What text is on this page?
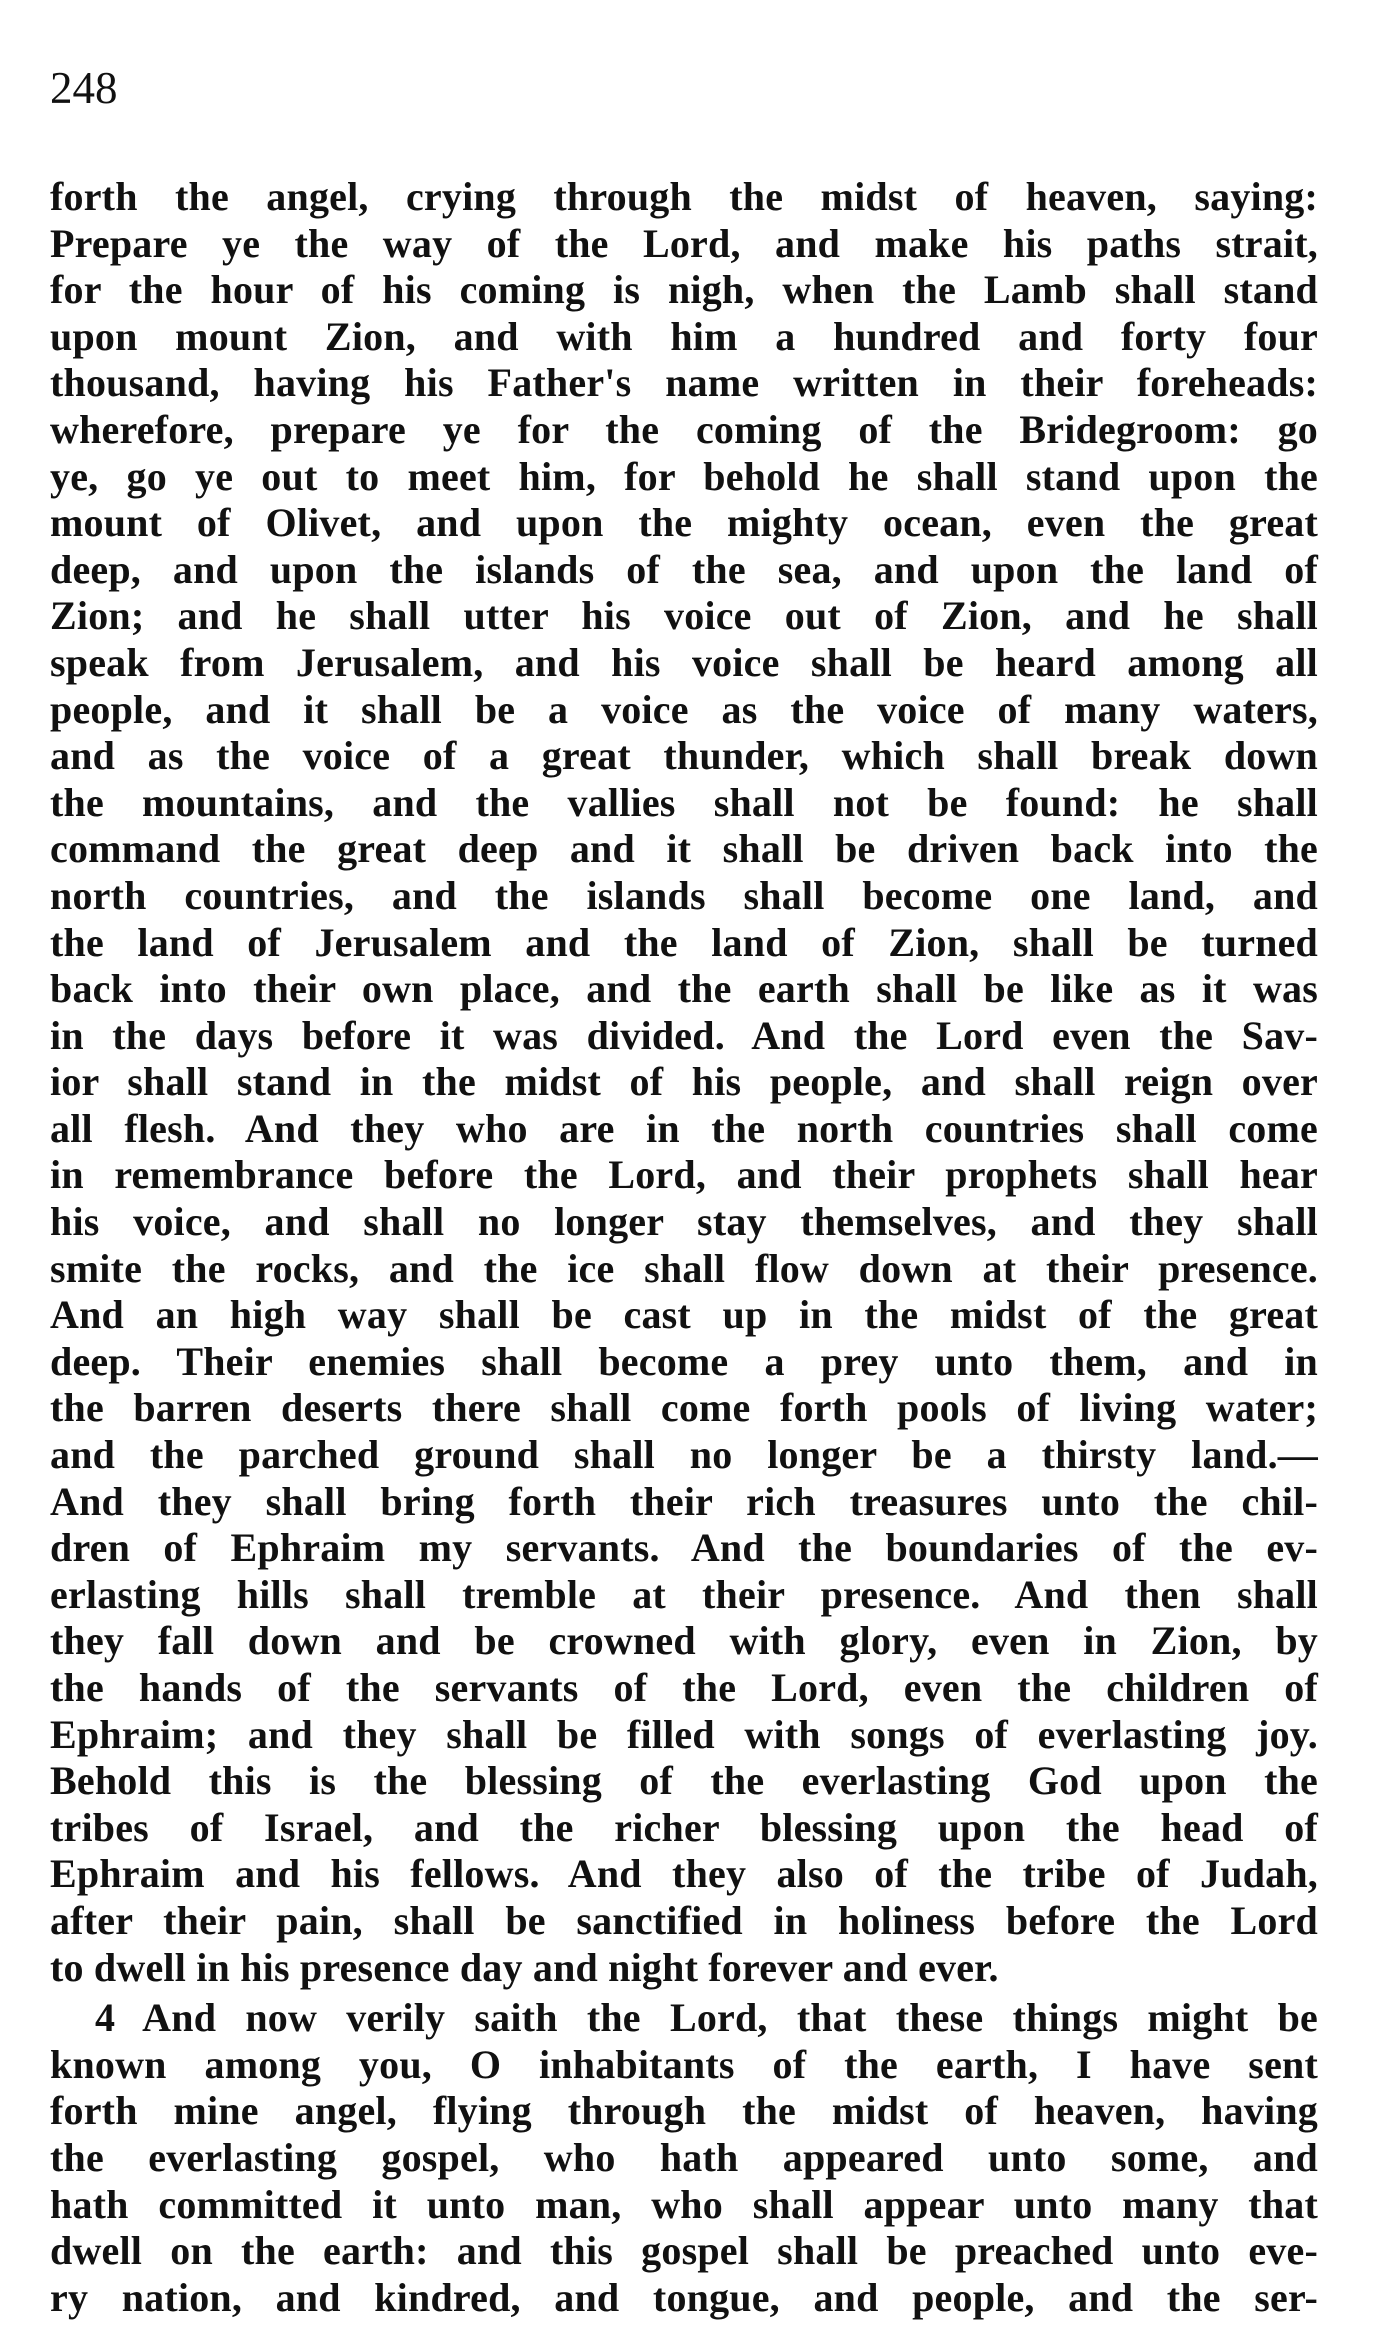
248
forth the angel, crying through the midst of heaven, saying:
Prepare ye the way of the Lord, and make his paths strait,
for the hour of his coming is nigh, when the Lamb shall stand
upon mount Zion, and with him a hundred and forty four
thousand, having his Father's name written in their foreheads:
wherefore, prepare ye for the coming of the Bridegroom: go
ye, go ye out to meet him, for behold he shall stand upon the
mount of Olivet, and upon the mighty ocean, even the great
deep, and upon the islands of the sea, and upon the land of
Zion; and he shall utter his voice out of Zion, and he shall
speak from Jerusalem, and his voice shall be heard among all
people, and it shall be a voice as the voice of many waters,
and as the voice of a great thunder, which shall break down
the mountains, and the vallies shall not be found: he shall
command the great deep and it shall be driven back into the
north countries, and the islands shall become one land, and
the land of Jerusalem and the land of Zion, shall be turned
back into their own place, and the earth shall be like as it was
in the days before it was divided. And the Lord even the Sav-
ior shall stand in the midst of his people, and shall reign over
all flesh. And they who are in the north countries shall come
in remembrance before the Lord, and their prophets shall hear
his voice, and shall no longer stay themselves, and they shall
smite the rocks, and the ice shall flow down at their presence.
And an high way shall be cast up in the midst of the great
deep. Their enemies shall become a prey unto them, and in
the barren deserts there shall come forth pools of living water;
and the parched ground shall no longer be a thirsty land.—
And they shall bring forth their rich treasures unto the chil-
dren of Ephraim my servants. And the boundaries of the ev-
erlasting hills shall tremble at their presence. And then shall
they fall down and be crowned with glory, even in Zion, by
the hands of the servants of the Lord, even the children of
Ephraim; and they shall be filled with songs of everlasting joy.
Behold this is the blessing of the everlasting God upon the
tribes of Israel, and the richer blessing upon the head of
Ephraim and his fellows. And they also of the tribe of Judah,
after their pain, shall be sanctified in holiness before the Lord
to dwell in his presence day and night forever and ever.
4 And now verily saith the Lord, that these things might be
known among you, O inhabitants of the earth, I have sent
forth mine angel, flying through the midst of heaven, having
the everlasting gospel, who hath appeared unto some, and
hath committed it unto man, who shall appear unto many that
dwell on the earth: and this gospel shall be preached unto eve-
ry nation, and kindred, and tongue, and people, and the ser-
